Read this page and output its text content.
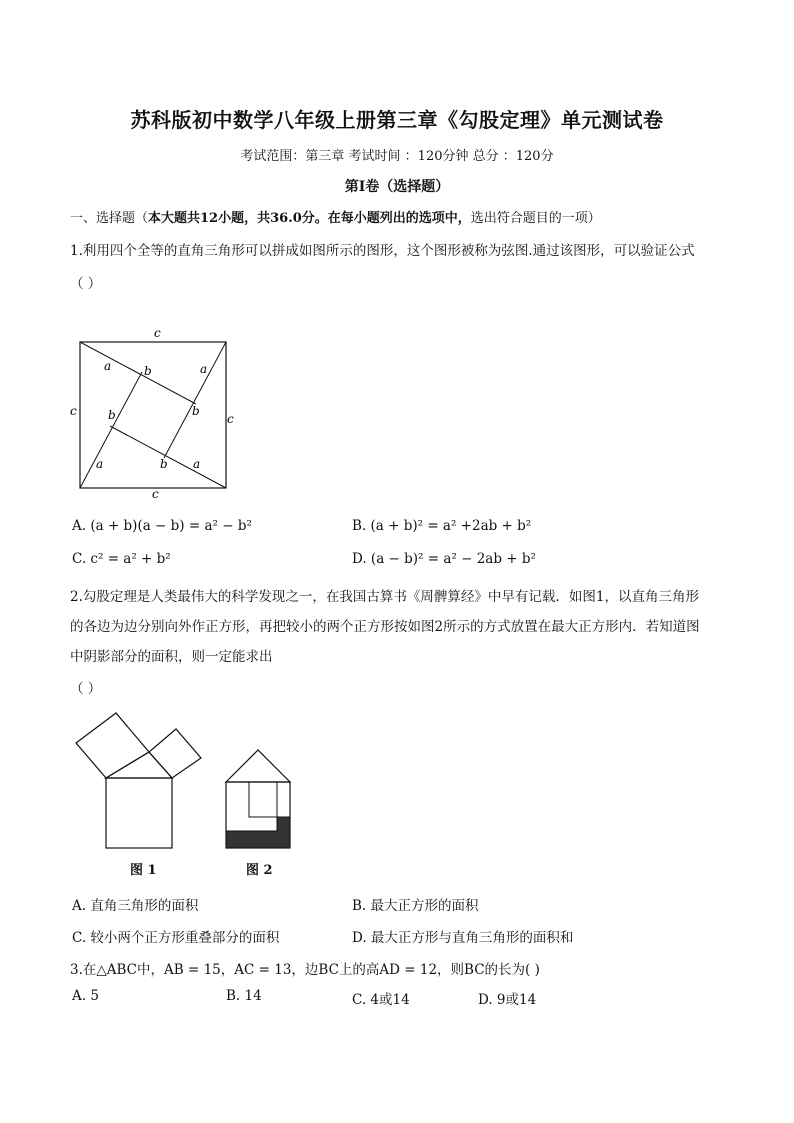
苏科版初中数学八年级上册第三章《勾股定理》单元测试卷
考试范围：第三章 考试时间 ：120分钟 总分 ：120分
第Ⅰ卷（选择题）
一、选择题（本大题共12小题，共36.0分。在每小题列出的选项中，选出符合题目的一项）
1.利用四个全等的直角三角形可以拼成如图所示的图形，这个图形被称为弦图.通过该图形，可以验证公式
（ ）
c
c
c
c
a	b	a
b
b
a	b a
A. (a + b)(a − b) = a² − b²	B. (a + b)² = a² +2ab + b²
C. c² = a² + b²	D. (a − b)² = a² − 2ab + b²
2.勾股定理是人类最伟大的科学发现之一，在我国古算书《周髀算经》中早有记载．如图1，以直角三角形
的各边为边分别向外作正方形，再把较小的两个正方形按如图2所示的方式放置在最大正方形内．若知道图
中阴影部分的面积，则一定能求出
（ ）
图 1	图 2
A. 直角三角形的面积	B. 最大正方形的面积
C. 较小两个正方形重叠部分的面积	D. 最大正方形与直角三角形的面积和
3.在△ABC中，AB = 15，AC = 13，边BC上的高AD = 12，则BC的长为( )
A. 5	B. 14	C. 4或14	D. 9或14
